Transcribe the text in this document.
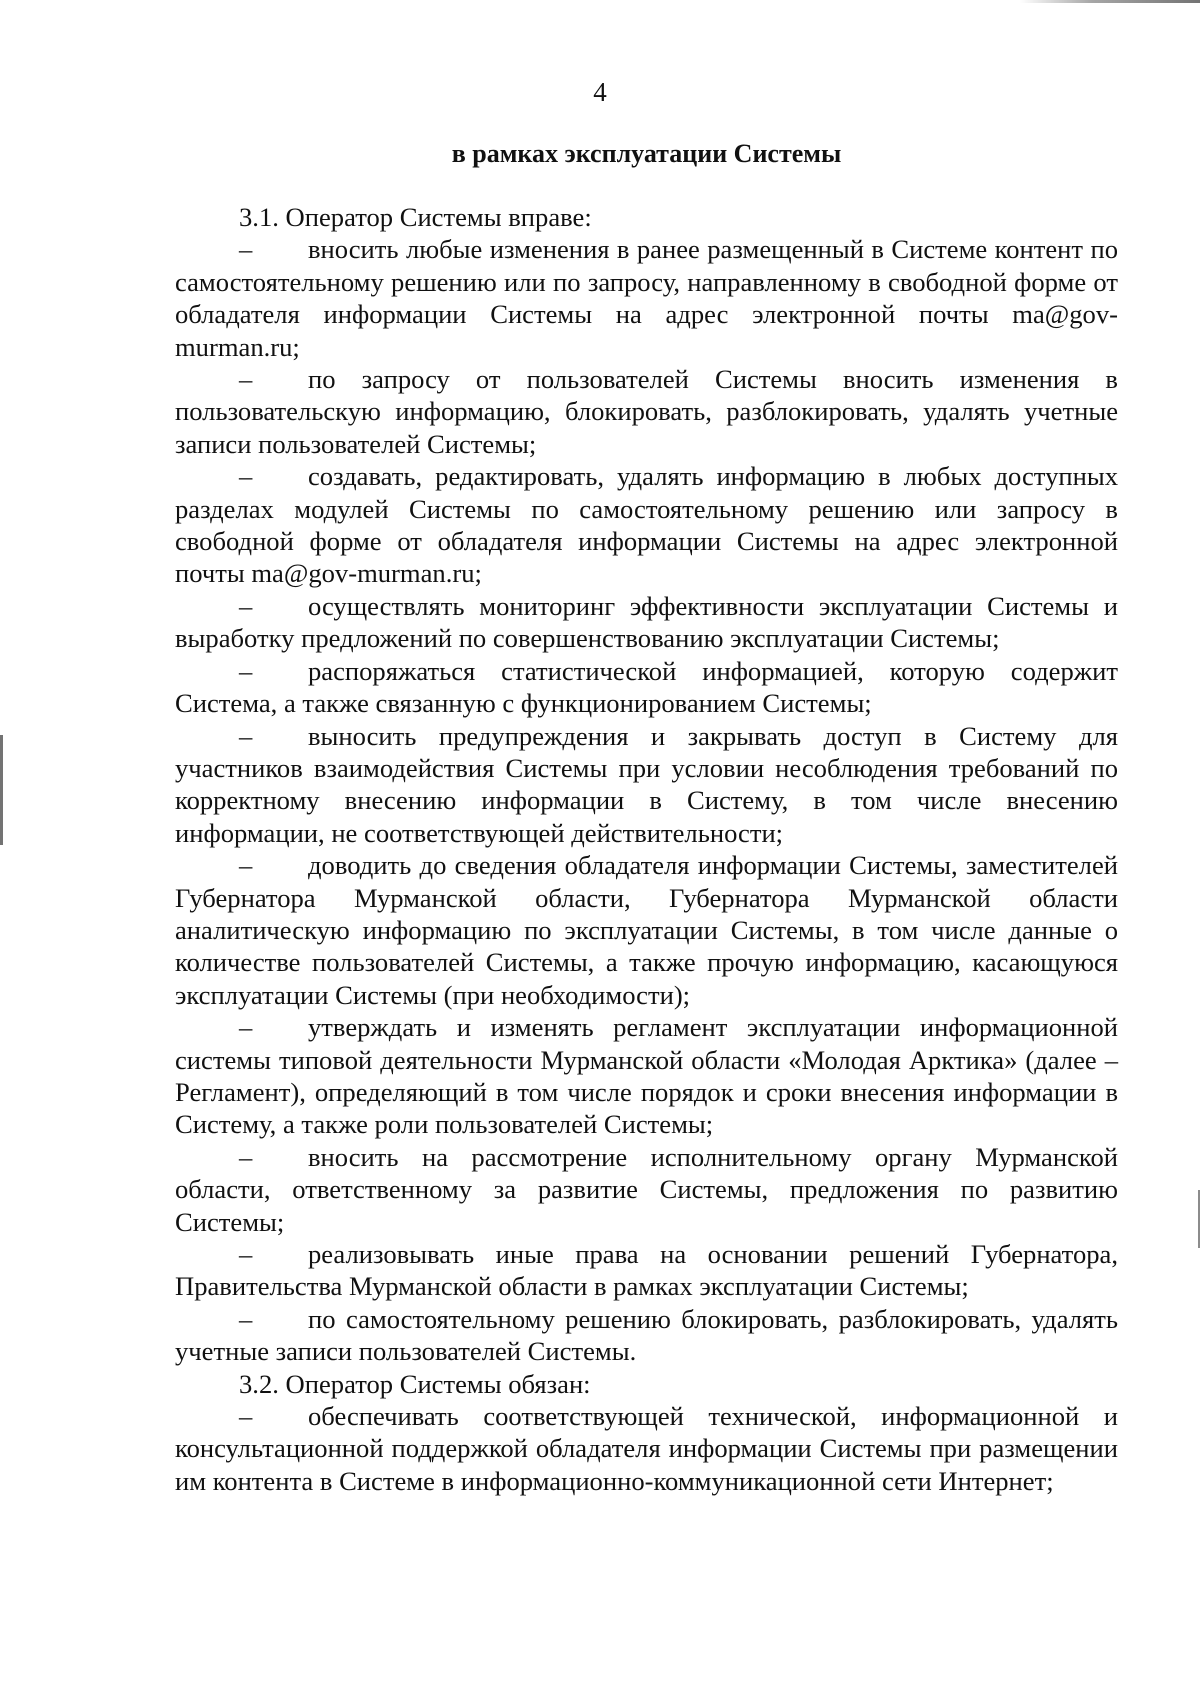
4
в рамках эксплуатации Системы

3.1. Оператор Системы вправе:

– вносить любые изменения в ранее размещенный в Системе контент по самостоятельному решению или по запросу, направленному в свободной форме от обладателя информации Системы на адрес электронной почты ma@gov-murman.ru;

– по запросу от пользователей Системы вносить изменения в пользовательскую информацию, блокировать, разблокировать, удалять учетные записи пользователей Системы;

– создавать, редактировать, удалять информацию в любых доступных разделах модулей Системы по самостоятельному решению или запросу в свободной форме от обладателя информации Системы на адрес электронной почты ma@gov-murman.ru;

– осуществлять мониторинг эффективности эксплуатации Системы и выработку предложений по совершенствованию эксплуатации Системы;

– распоряжаться статистической информацией, которую содержит Система, а также связанную с функционированием Системы;

– выносить предупреждения и закрывать доступ в Систему для участников взаимодействия Системы при условии несоблюдения требований по корректному внесению информации в Систему, в том числе внесению информации, не соответствующей действительности;

– доводить до сведения обладателя информации Системы, заместителей Губернатора Мурманской области, Губернатора Мурманской области аналитическую информацию по эксплуатации Системы, в том числе данные о количестве пользователей Системы, а также прочую информацию, касающуюся эксплуатации Системы (при необходимости);

– утверждать и изменять регламент эксплуатации информационной системы типовой деятельности Мурманской области «Молодая Арктика» (далее – Регламент), определяющий в том числе порядок и сроки внесения информации в Систему, а также роли пользователей Системы;

– вносить на рассмотрение исполнительному органу Мурманской области, ответственному за развитие Системы, предложения по развитию Системы;

– реализовывать иные права на основании решений Губернатора, Правительства Мурманской области в рамках эксплуатации Системы;

– по самостоятельному решению блокировать, разблокировать, удалять учетные записи пользователей Системы.

3.2. Оператор Системы обязан:

– обеспечивать соответствующей технической, информационной и консультационной поддержкой обладателя информации Системы при размещении им контента в Системе в информационно-коммуникационной сети Интернет;
